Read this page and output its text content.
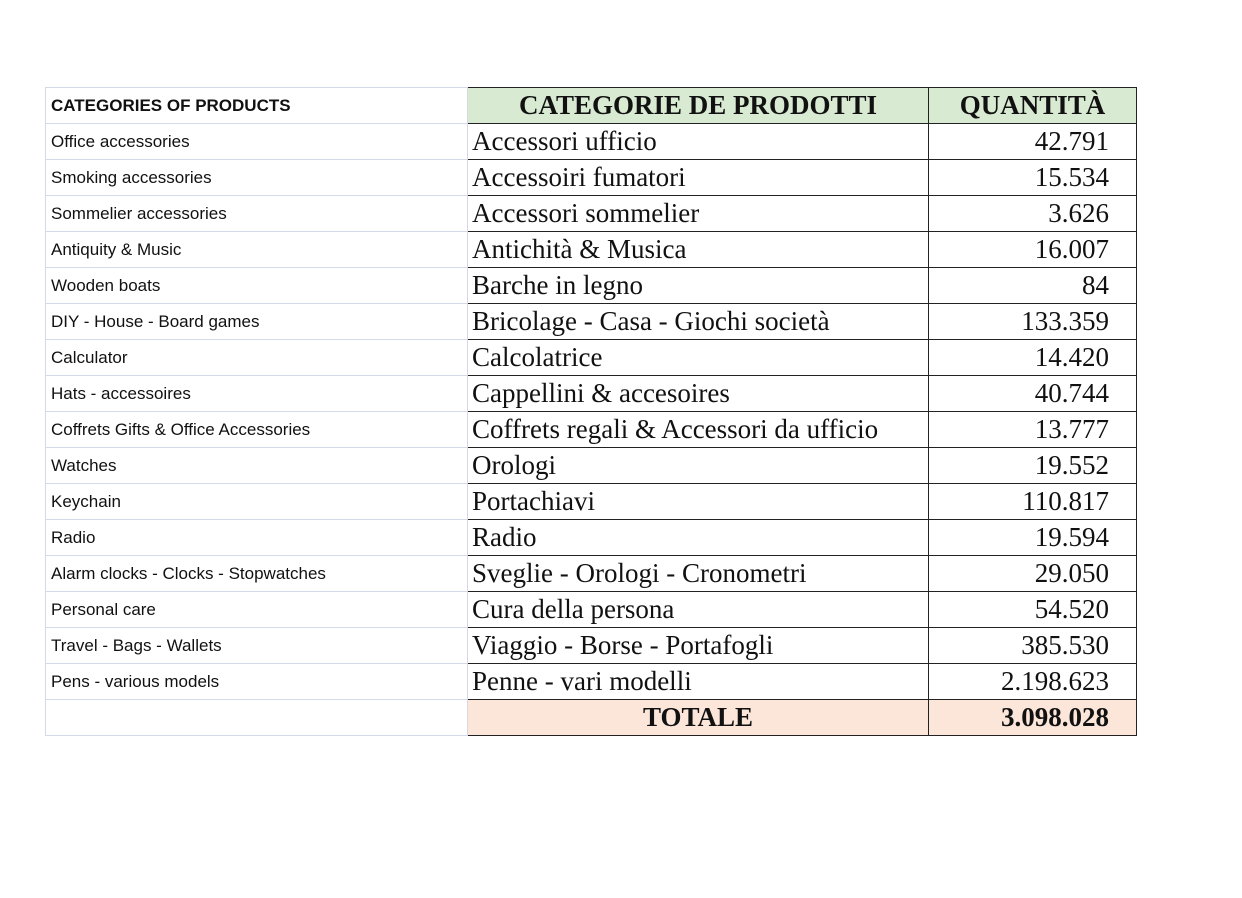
CATEGORIES OF PRODUCTS	CATEGORIE DE PRODOTTI	QUANTITÀ
Office accessories	Accessori ufficio	42.791
Smoking accessories	Accessoiri fumatori	15.534
Sommelier accessories	Accessori sommelier	3.626
Antiquity & Music	Antichità & Musica	16.007
Wooden boats	Barche in legno	84
DIY - House - Board games	Bricolage - Casa - Giochi società	133.359
Calculator	Calcolatrice	14.420
Hats - accessoires	Cappellini & accesoires	40.744
Coffrets Gifts & Office Accessories	Coffrets regali & Accessori da ufficio	13.777
Watches	Orologi	19.552
Keychain	Portachiavi	110.817
Radio	Radio	19.594
Alarm clocks - Clocks - Stopwatches	Sveglie - Orologi - Cronometri	29.050
Personal care	Cura della persona	54.520
Travel - Bags - Wallets	Viaggio - Borse - Portafogli	385.530
Pens - various models	Penne - vari modelli	2.198.623
	TOTALE	3.098.028
